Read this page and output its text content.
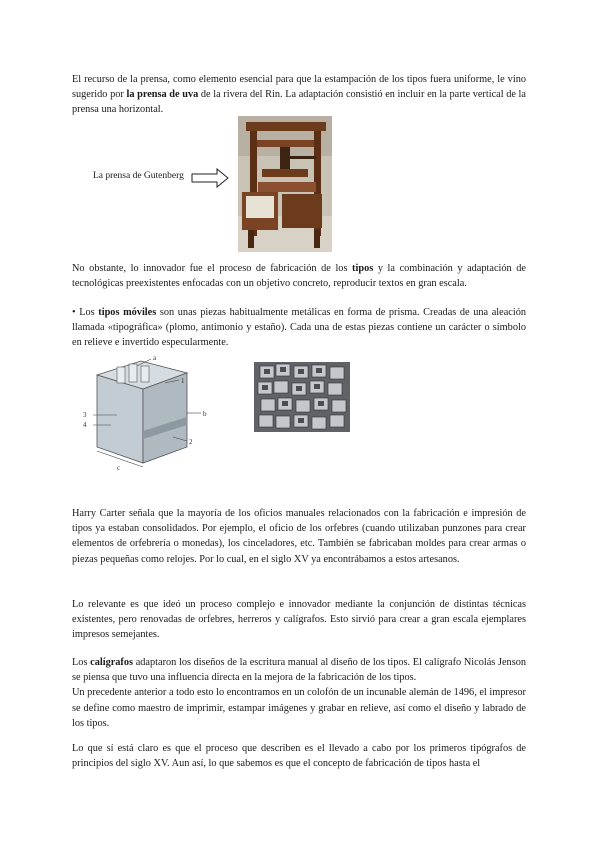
El recurso de la prensa, como elemento esencial para que la estampación de los tipos fuera uniforme, le vino sugerido por la prensa de uva de la rivera del Rin. La adaptación consistió en incluir en la parte vertical de la prensa una horizontal.
La prensa de Gutenberg
No obstante, lo innovador fue el proceso de fabricación de los tipos y la combinación y adaptación de tecnológicas preexistentes enfocadas con un objetivo concreto, reproducir textos en gran escala.
• Los tipos móviles son unas piezas habitualmente metálicas en forma de prisma. Creadas de una aleación llamada «tipográfica» (plomo, antimonio y estaño). Cada una de estas piezas contiene un carácter o símbolo en relieve e invertido especularmente.
a
1
b
3
4
2
c
Harry Carter señala que la mayoría de los oficios manuales relacionados con la fabricación e impresión de tipos ya estaban consolidados. Por ejemplo, el oficio de los orfebres (cuando utilizaban punzones para crear elementos de orfebrería o monedas), los cinceladores, etc. También se fabricaban moldes para crear armas o piezas pequeñas como relojes. Por lo cual, en el siglo XV ya encontrábamos a estos artesanos.
Lo relevante es que ideó un proceso complejo e innovador mediante la conjunción de distintas técnicas existentes, pero renovadas de orfebres, herreros y calígrafos. Esto sirvió para crear a gran escala ejemplares impresos semejantes.
Los calígrafos adaptaron los diseños de la escritura manual al diseño de los tipos. El calígrafo Nicolás Jenson se piensa que tuvo una influencia directa en la mejora de la fabricación de los tipos.
Un precedente anterior a todo esto lo encontramos en un colofón de un incunable alemán de 1496, el impresor se define como maestro de imprimir, estampar imágenes y grabar en relieve, así como el diseño y labrado de los tipos.
Lo que sí está claro es que el proceso que describen es el llevado a cabo por los primeros tipógrafos de principios del siglo XV. Aun así, lo que sabemos es que el concepto de fabricación de tipos hasta el
